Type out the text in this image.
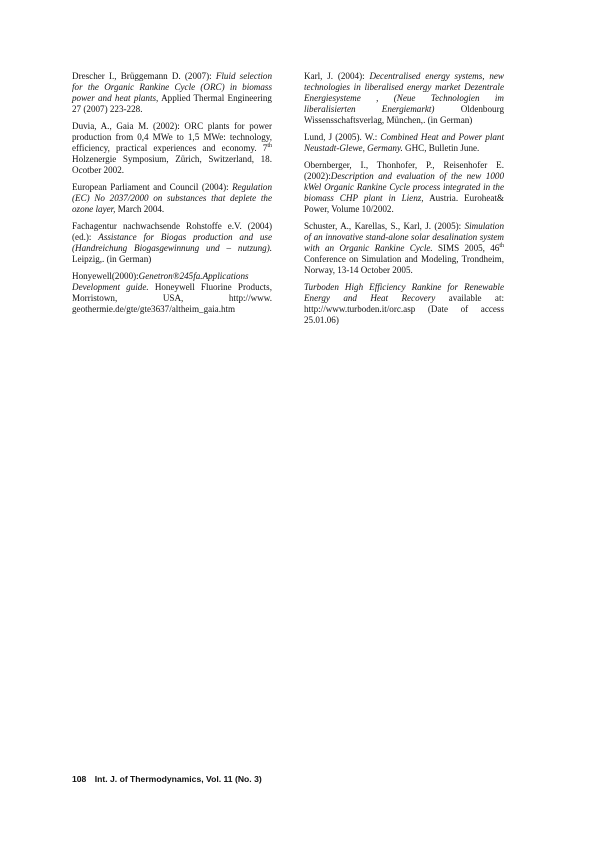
Drescher I., Brüggemann D. (2007): Fluid selection for the Organic Rankine Cycle (ORC) in biomass power and heat plants, Applied Thermal Engineering 27 (2007) 223-228.

Duvia, A., Gaia M. (2002): ORC plants for power production from 0,4 MWe to 1,5 MWe: technology, efficiency, practical experiences and economy. 7th Holzenergie Symposium, Zürich, Switzerland, 18. Ocotber 2002.

European Parliament and Council (2004): Regulation (EC) No 2037/2000 on substances that deplete the ozone layer, March 2004.

Fachagentur nachwachsende Rohstoffe e.V. (2004) (ed.): Assistance for Biogas production and use (Handreichung Biogasgewinnung und – nutzung). Leipzig,. (in German)

Honyewell(2000):Genetron®245fa.Applications Development guide. Honeywell Fluorine Products, Morristown, USA, http://www. geothermie.de/gte/gte3637/altheim_gaia.htm

Karl, J. (2004): Decentralised energy systems, new technologies in liberalised energy market Dezentrale Energiesysteme , (Neue Technologien im liberalisierten Energiemarkt) Oldenbourg Wissensschaftsverlag, München,. (in German)

Lund, J (2005). W.: Combined Heat and Power plant Neustadt-Glewe, Germany. GHC, Bulletin June.

Obernberger, I., Thonhofer, P., Reisenhofer E. (2002):Description and evaluation of the new 1000 kWel Organic Rankine Cycle process integrated in the biomass CHP plant in Lienz, Austria. Euroheat& Power, Volume 10/2002.

Schuster, A., Karellas, S., Karl, J. (2005): Simulation of an innovative stand-alone solar desalination system with an Organic Rankine Cycle. SIMS 2005, 46th Conference on Simulation and Modeling, Trondheim, Norway, 13-14 October 2005.

Turboden High Efficiency Rankine for Renewable Energy and Heat Recovery available at: http://www.turboden.it/orc.asp (Date of access 25.01.06)

108 Int. J. of Thermodynamics, Vol. 11 (No. 3)
